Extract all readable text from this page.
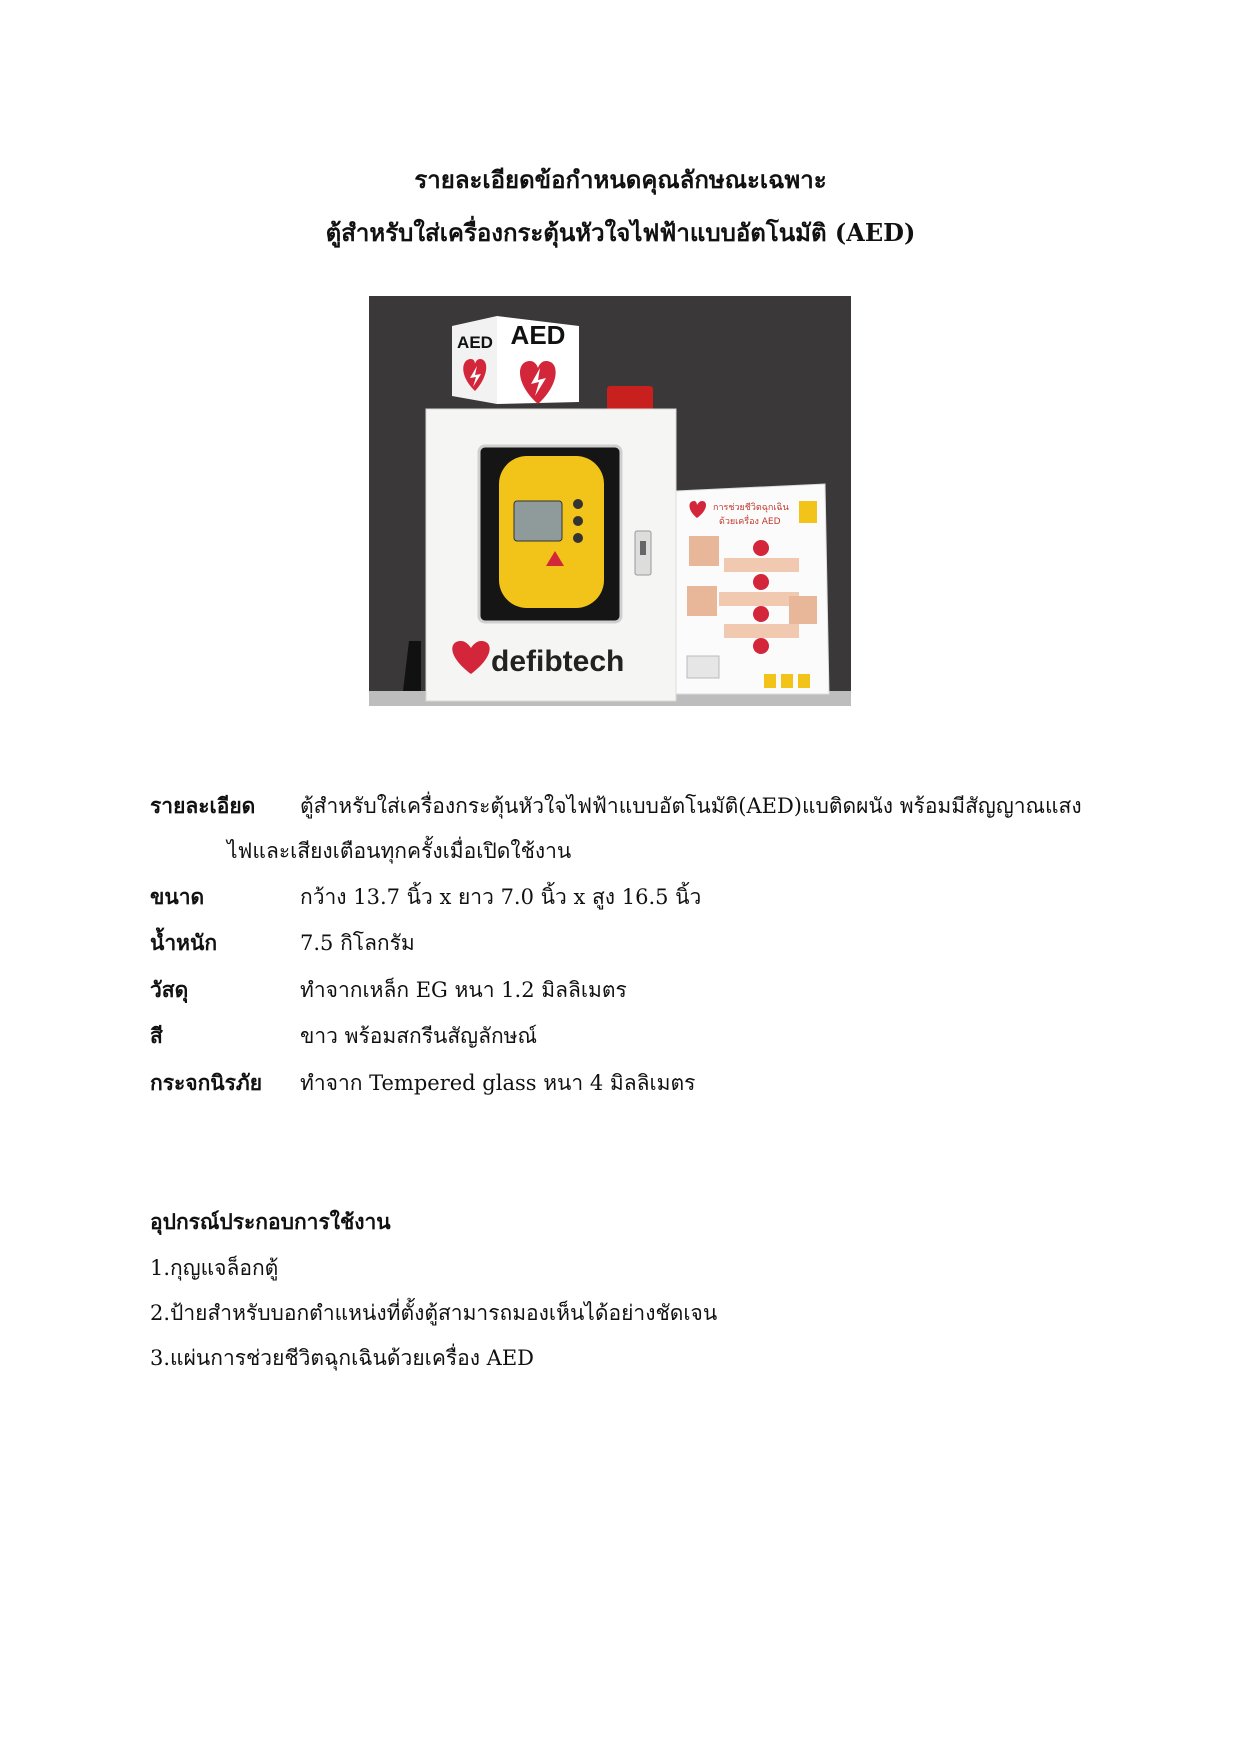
รายละเอียดข้อกำหนดคุณลักษณะเฉพาะ
ตู้สำหรับใส่เครื่องกระตุ้นหัวใจไฟฟ้าแบบอัตโนมัติ (AED)
AED AED
defibtech
การช่วยชีวิตฉุกเฉิน
ด้วยเครื่อง AED
รายละเอียด ตู้สำหรับใส่เครื่องกระตุ้นหัวใจไฟฟ้าแบบอัตโนมัติ(AED)แบติดผนัง พร้อมมีสัญญาณแสง
ไฟและเสียงเตือนทุกครั้งเมื่อเปิดใช้งาน
ขนาด	กว้าง 13.7 นิ้ว x ยาว 7.0 นิ้ว x สูง 16.5 นิ้ว
น้ำหนัก	7.5 กิโลกรัม
วัสดุ	ทำจากเหล็ก EG หนา 1.2 มิลลิเมตร
สี	ขาว พร้อมสกรีนสัญลักษณ์
กระจกนิรภัย ทำจาก Tempered glass หนา 4 มิลลิเมตร
อุปกรณ์ประกอบการใช้งาน
1.กุญแจล็อกตู้
2.ป้ายสำหรับบอกตำแหน่งที่ตั้งตู้สามารถมองเห็นได้อย่างชัดเจน
3.แผ่นการช่วยชีวิตฉุกเฉินด้วยเครื่อง AED
